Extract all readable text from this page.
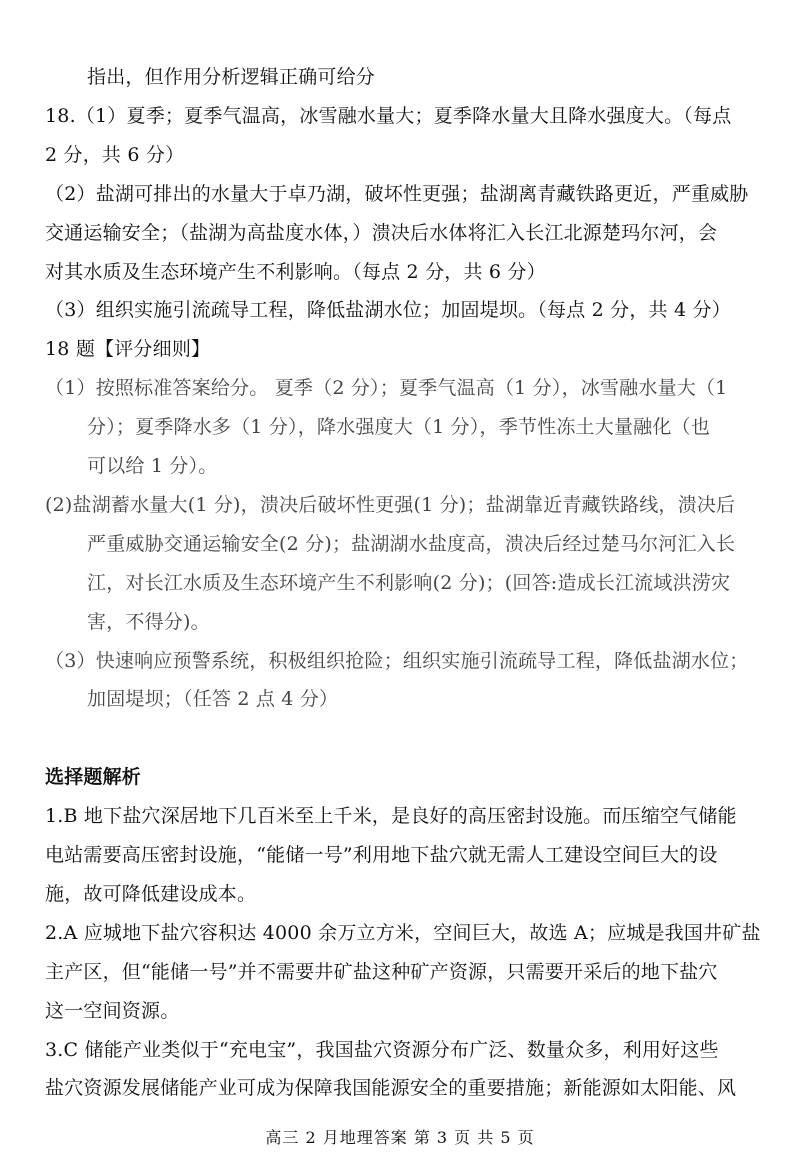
指出，但作用分析逻辑正确可给分
18.（1）夏季；夏季气温高，冰雪融水量大；夏季降水量大且降水强度大。（每点
2 分，共 6 分）
（2）盐湖可排出的水量大于卓乃湖，破坏性更强；盐湖离青藏铁路更近，严重威胁
交通运输安全；（盐湖为高盐度水体，）溃决后水体将汇入长江北源楚玛尔河，会
对其水质及生态环境产生不利影响。（每点 2 分，共 6 分）
（3）组织实施引流疏导工程，降低盐湖水位；加固堤坝。（每点 2 分，共 4 分）
18 题【评分细则】
（1）按照标准答案给分。 夏季（2 分）；夏季气温高（1 分），冰雪融水量大（1
分）；夏季降水多（1 分），降水强度大（1 分），季节性冻土大量融化（也
可以给 1 分）。
(2)盐湖蓄水量大(1 分)，溃决后破坏性更强(1 分)；盐湖靠近青藏铁路线，溃决后
严重威胁交通运输安全(2 分)；盐湖湖水盐度高，溃决后经过楚马尔河汇入长
江，对长江水质及生态环境产生不利影响(2 分)；(回答:造成长江流域洪涝灾
害，不得分)。
（3）快速响应预警系统，积极组织抢险；组织实施引流疏导工程，降低盐湖水位；
加固堤坝；（任答 2 点 4 分）
选择题解析
1.B 地下盐穴深居地下几百米至上千米，是良好的高压密封设施。而压缩空气储能
电站需要高压密封设施，“能储一号”利用地下盐穴就无需人工建设空间巨大的设
施，故可降低建设成本。
2.A 应城地下盐穴容积达 4000 余万立方米，空间巨大，故选 A；应城是我国井矿盐
主产区，但“能储一号”并不需要井矿盐这种矿产资源，只需要开采后的地下盐穴
这一空间资源。
3.C 储能产业类似于“充电宝”，我国盐穴资源分布广泛、数量众多，利用好这些
盐穴资源发展储能产业可成为保障我国能源安全的重要措施；新能源如太阳能、风
高三 2 月地理答案 第 3 页 共 5 页
